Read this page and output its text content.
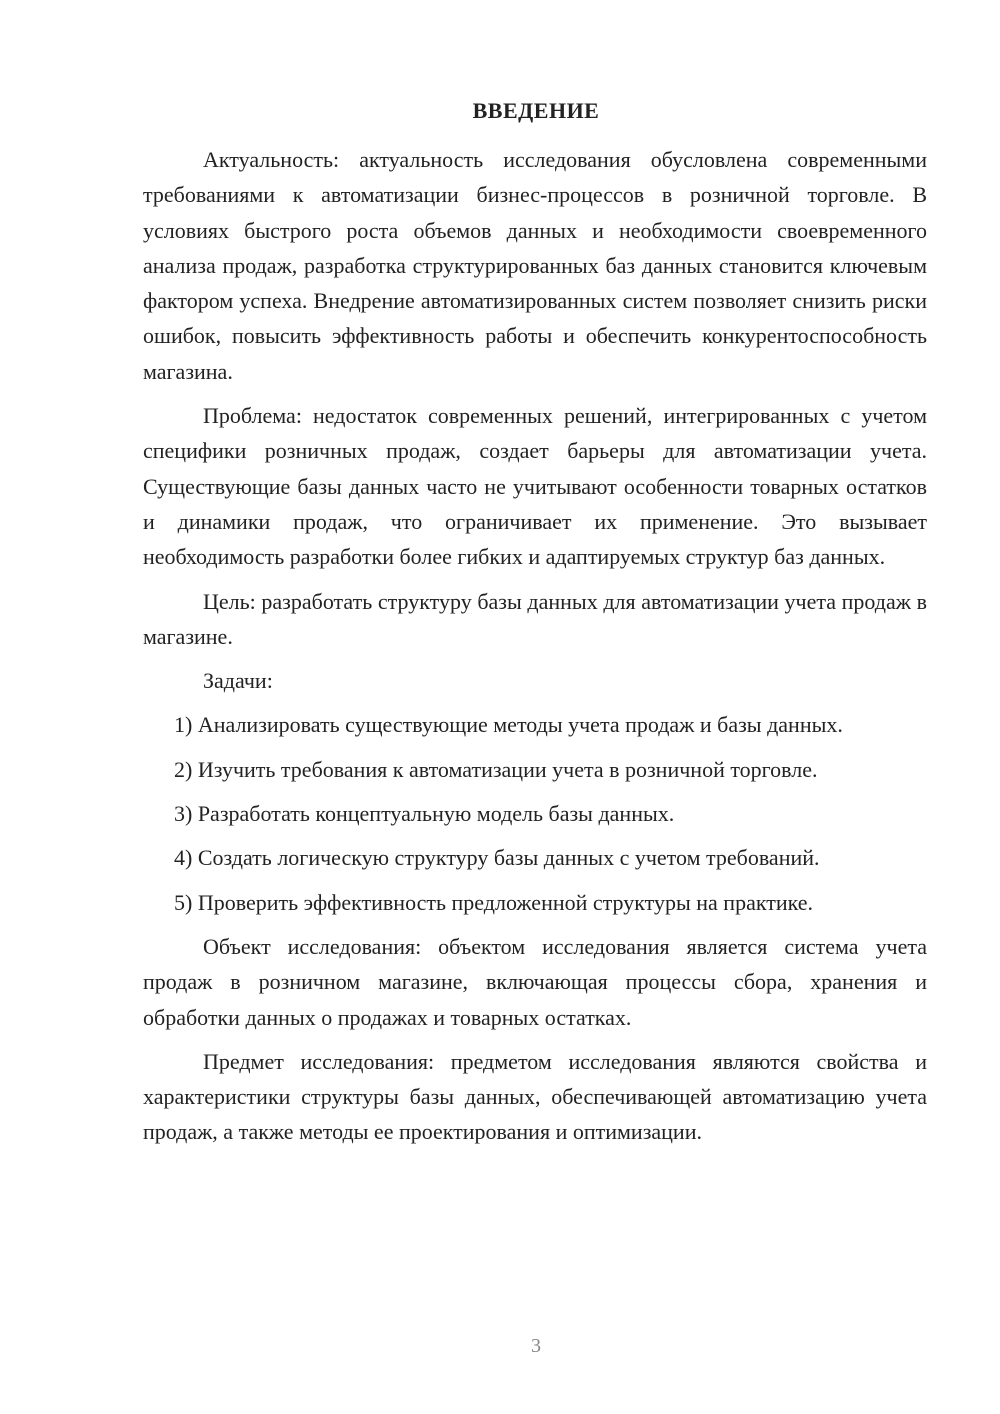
ВВЕДЕНИЕ

Актуальность: актуальность исследования обусловлена современными требованиями к автоматизации бизнес-процессов в розничной торговле. В условиях быстрого роста объемов данных и необходимости своевременного анализа продаж, разработка структурированных баз данных становится ключевым фактором успеха. Внедрение автоматизированных систем позволяет снизить риски ошибок, повысить эффективность работы и обеспечить конкурентоспособность магазина.

Проблема: недостаток современных решений, интегрированных с учетом специфики розничных продаж, создает барьеры для автоматизации учета. Существующие базы данных часто не учитывают особенности товарных остатков и динамики продаж, что ограничивает их применение. Это вызывает необходимость разработки более гибких и адаптируемых структур баз данных.

Цель: разработать структуру базы данных для автоматизации учета продаж в магазине.

Задачи:

1) Анализировать существующие методы учета продаж и базы данных.

2) Изучить требования к автоматизации учета в розничной торговле.

3) Разработать концептуальную модель базы данных.

4) Создать логическую структуру базы данных с учетом требований.

5) Проверить эффективность предложенной структуры на практике.

Объект исследования: объектом исследования является система учета продаж в розничном магазине, включающая процессы сбора, хранения и обработки данных о продажах и товарных остатках.

Предмет исследования: предметом исследования являются свойства и характеристики структуры базы данных, обеспечивающей автоматизацию учета продаж, а также методы ее проектирования и оптимизации.

3
